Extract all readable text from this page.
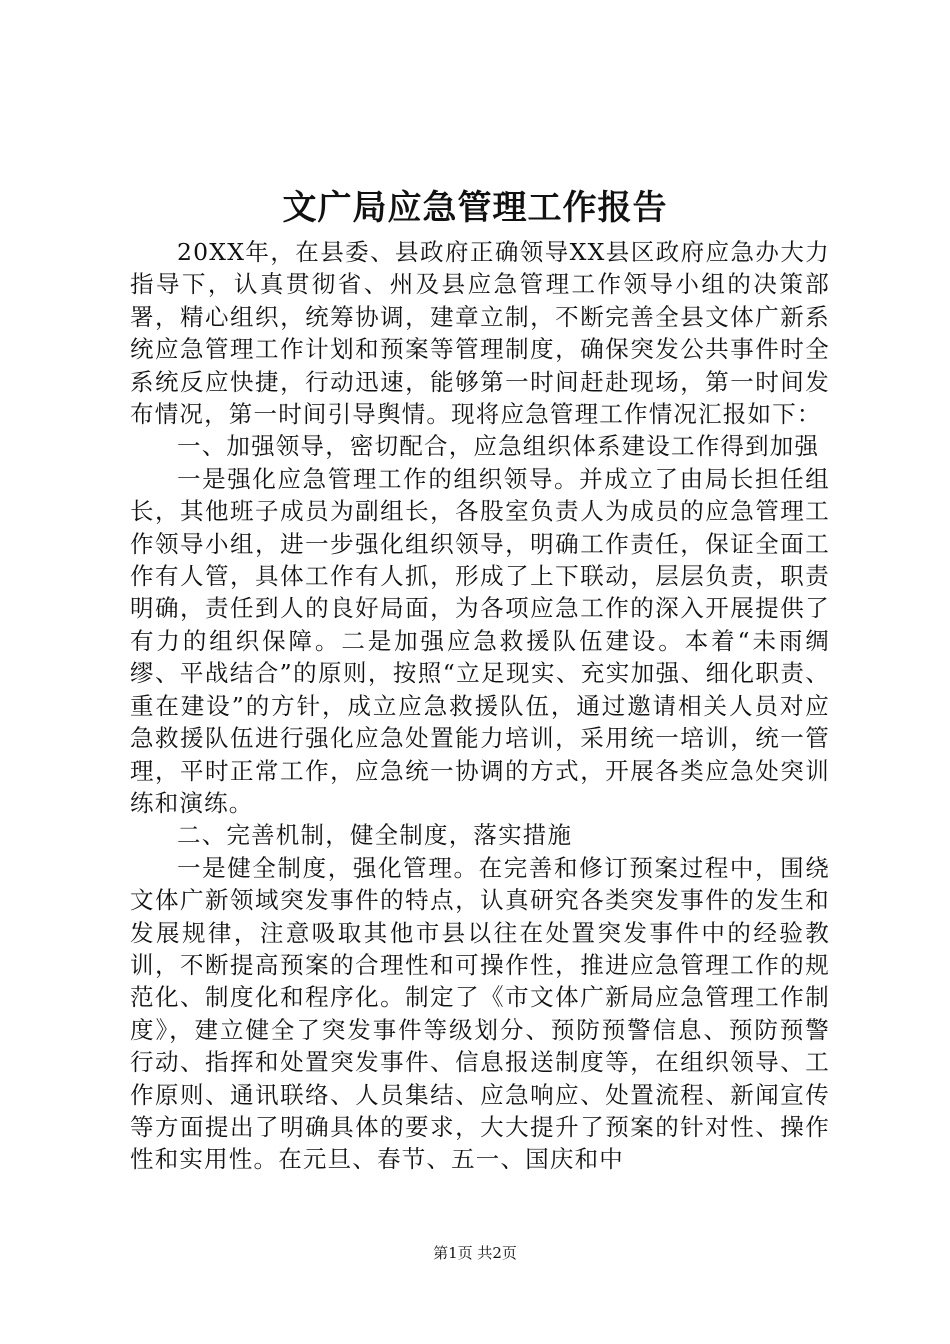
文广局应急管理工作报告

20XX年，在县委、县政府正确领导XX县区政府应急办大力指导下，认真贯彻省、州及县应急管理工作领导小组的决策部署，精心组织，统筹协调，建章立制，不断完善全县文体广新系统应急管理工作计划和预案等管理制度，确保突发公共事件时全系统反应快捷，行动迅速，能够第一时间赶赴现场，第一时间发布情况，第一时间引导舆情。现将应急管理工作情况汇报如下：

一、加强领导，密切配合，应急组织体系建设工作得到加强

一是强化应急管理工作的组织领导。并成立了由局长担任组长，其他班子成员为副组长，各股室负责人为成员的应急管理工作领导小组，进一步强化组织领导，明确工作责任，保证全面工作有人管，具体工作有人抓，形成了上下联动，层层负责，职责明确，责任到人的良好局面，为各项应急工作的深入开展提供了有力的组织保障。二是加强应急救援队伍建设。本着“未雨绸缪、平战结合”的原则，按照“立足现实、充实加强、细化职责、重在建设”的方针，成立应急救援队伍，通过邀请相关人员对应急救援队伍进行强化应急处置能力培训，采用统一培训，统一管理，平时正常工作，应急统一协调的方式，开展各类应急处突训练和演练。

二、完善机制，健全制度，落实措施

一是健全制度，强化管理。在完善和修订预案过程中，围绕文体广新领域突发事件的特点，认真研究各类突发事件的发生和发展规律，注意吸取其他市县以往在处置突发事件中的经验教训，不断提高预案的合理性和可操作性，推进应急管理工作的规范化、制度化和程序化。制定了《市文体广新局应急管理工作制度》，建立健全了突发事件等级划分、预防预警信息、预防预警行动、指挥和处置突发事件、信息报送制度等，在组织领导、工作原则、通讯联络、人员集结、应急响应、处置流程、新闻宣传等方面提出了明确具体的要求，大大提升了预案的针对性、操作性和实用性。在元旦、春节、五一、国庆和中

第1页 共2页
